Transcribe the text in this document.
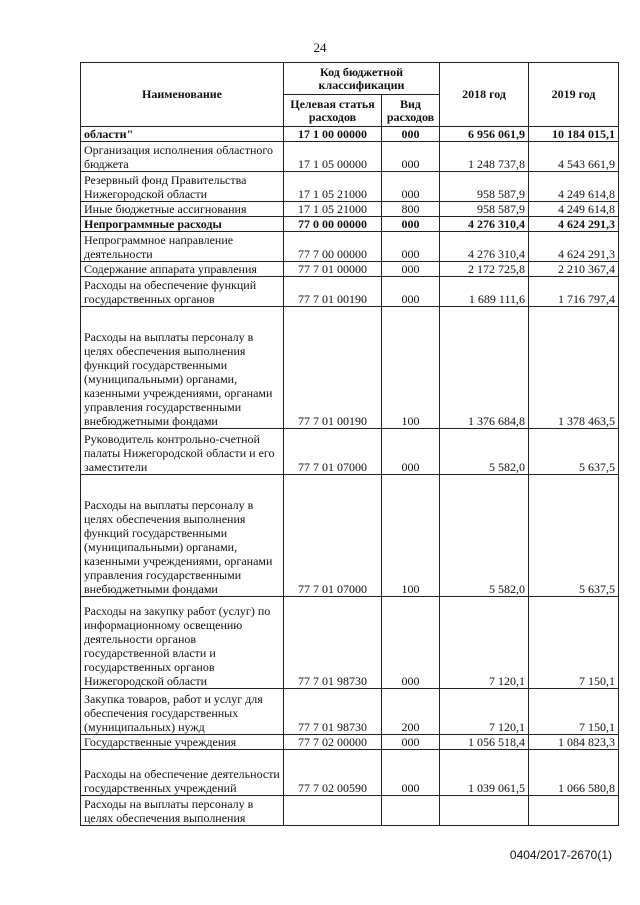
24
Наименование	Код бюджетной классификации		2018 год	2019 год
	Целевая статья расходов	Вид расходов		
области"	17 1 00 00000	000	6 956 061,9	10 184 015,1
Организация исполнения областного бюджета	17 1 05 00000	000	1 248 737,8	4 543 661,9
Резервный фонд Правительства Нижегородской области	17 1 05 21000	000	958 587,9	4 249 614,8
Иные бюджетные ассигнования	17 1 05 21000	800	958 587,9	4 249 614,8
Непрограммные расходы	77 0 00 00000	000	4 276 310,4	4 624 291,3
Непрограммное направление деятельности	77 7 00 00000	000	4 276 310,4	4 624 291,3
Содержание аппарата управления	77 7 01 00000	000	2 172 725,8	2 210 367,4
Расходы на обеспечение функций государственных органов	77 7 01 00190	000	1 689 111,6	1 716 797,4
Расходы на выплаты персоналу в целях обеспечения выполнения функций государственными (муниципальными) органами, казенными учреждениями, органами управления государственными внебюджетными фондами	77 7 01 00190	100	1 376 684,8	1 378 463,5
Руководитель контрольно-счетной палаты Нижегородской области и его заместители	77 7 01 07000	000	5 582,0	5 637,5
Расходы на выплаты персоналу в целях обеспечения выполнения функций государственными (муниципальными) органами, казенными учреждениями, органами управления государственными внебюджетными фондами	77 7 01 07000	100	5 582,0	5 637,5
Расходы на закупку работ (услуг) по информационному освещению деятельности органов государственной власти и государственных органов Нижегородской области	77 7 01 98730	000	7 120,1	7 150,1
Закупка товаров, работ и услуг для обеспечения государственных (муниципальных) нужд	77 7 01 98730	200	7 120,1	7 150,1
Государственные учреждения	77 7 02 00000	000	1 056 518,4	1 084 823,3
Расходы на обеспечение деятельности государственных учреждений	77 7 02 00590	000	1 039 061,5	1 066 580,8
Расходы на выплаты персоналу в целях обеспечения выполнения				
0404/2017-2670(1)
